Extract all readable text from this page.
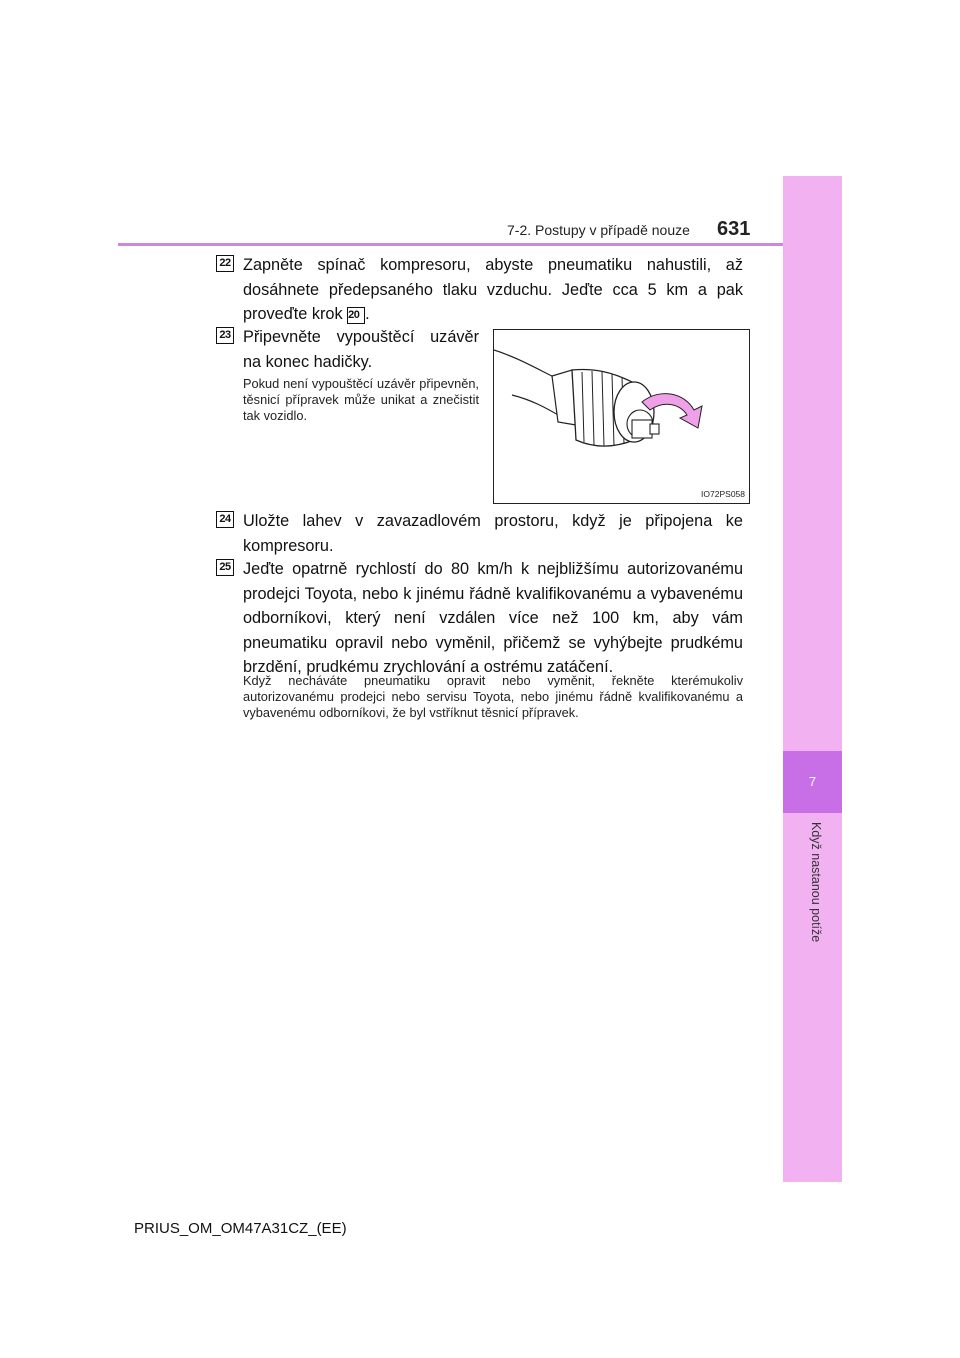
7
Když nastanou potíže
7-2. Postupy v případě nouze 631
22 Zapněte spínač kompresoru, abyste pneumatiku nahustili, až dosáhnete předepsaného tlaku vzduchu. Jeďte cca 5 km a pak proveďte krok 20 .
23 Připevněte vypouštěcí uzávěr na konec hadičky.
Pokud není vypouštěcí uzávěr připevněn, těsnicí přípravek může unikat a znečistit tak vozidlo.
IO72PS058
24 Uložte lahev v zavazadlovém prostoru, když je připojena ke kompresoru.
25 Jeďte opatrně rychlostí do 80 km/h k nejbližšímu autorizovanému prodejci Toyota, nebo k jinému řádně kvalifikovanému a vybavenému odborníkovi, který není vzdálen více než 100 km, aby vám pneumatiku opravil nebo vyměnil, přičemž se vyhýbejte prudkému brzdění, prudkému zrychlování a ostrému zatáčení.
Když necháváte pneumatiku opravit nebo vyměnit, řekněte kterémukoliv autorizovanému prodejci nebo servisu Toyota, nebo jinému řádně kvalifikovanému a vybavenému odborníkovi, že byl vstříknut těsnicí přípravek.
PRIUS_OM_OM47A31CZ_(EE)
